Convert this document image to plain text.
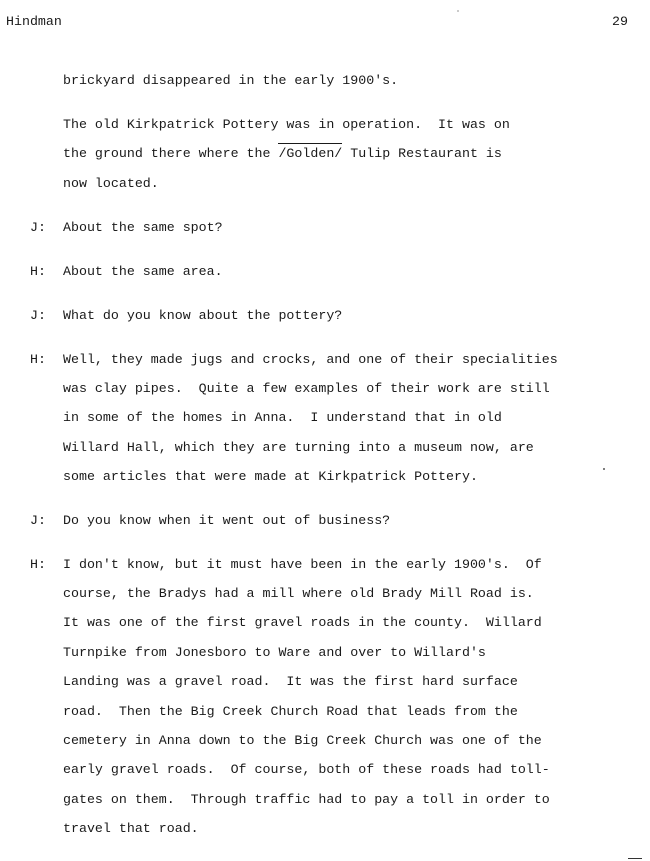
Hindman	29
brickyard disappeared in the early 1900's.
The old Kirkpatrick Pottery was in operation.  It was on
the ground there where the
/Golden/ Tulip Restaurant is
now located.
J: About the same spot?
H: About the same area.
J: What do you know about the pottery?
H: Well, they made jugs and crocks, and one of their specialities
was clay pipes.  Quite a few examples of their work are still
in some of the homes in Anna.  I understand that in old
Willard Hall, which they are turning into a museum now, are
some articles that were made at Kirkpatrick Pottery.
J: Do you know when it went out of business?
H: I don't know, but it must have been in the early 1900's.  Of
course, the Bradys had a mill where old Brady Mill Road is.
It was one of the first gravel roads in the county.  Willard
Turnpike from Jonesboro to Ware and over to Willard's
Landing was a gravel road.  It was the first hard surface
road.  Then the Big Creek Church Road that leads from the
cemetery in Anna down to the Big Creek Church was one of the
early gravel roads.  Of course, both of these roads had toll-
gates on them.  Through traffic had to pay a toll in order to
travel that road.
